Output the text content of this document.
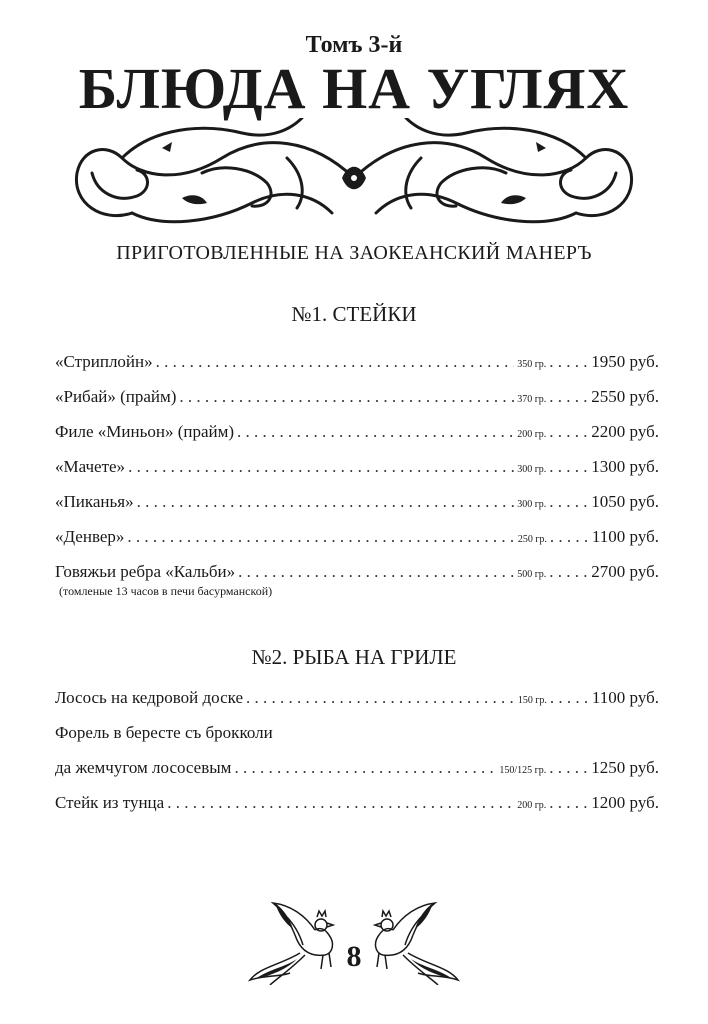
Томъ 3-й
БЛЮДА НА УГЛЯХ
ПРИГОТОВЛЕННЫЕ НА ЗАОКЕАНСКИЙ МАНЕРЪ
№1. СТЕЙКИ
«Стриплойн» . . .	350 гр. . . .	1950 руб.
«Рибай» (прайм) . . .	370 гр. . . .	2550 руб.
Филе «Миньон» (прайм) . . .	200 гр. . . .	2200 руб.
«Мачете» . . .	300 гр. . . .	1300 руб.
«Пиканья» . . .	300 гр. . . .	1050 руб.
«Денвер» . . .	250 гр. . . .	1100 руб.
Говяжьи ребра «Кальби» . . .	500 гр. . . .	2700 руб.
(томленые 13 часов в печи басурманской)
№2. РЫБА НА ГРИЛЕ
Лосось на кедровой доске . . .	150 гр. . . .	1100 руб.
Форель в бересте съ брокколи
да жемчугом лососевым . . .	150/125 гр. . . .	1250 руб.
Стейк из тунца . . .	200 гр. . . .	1200 руб.
8
